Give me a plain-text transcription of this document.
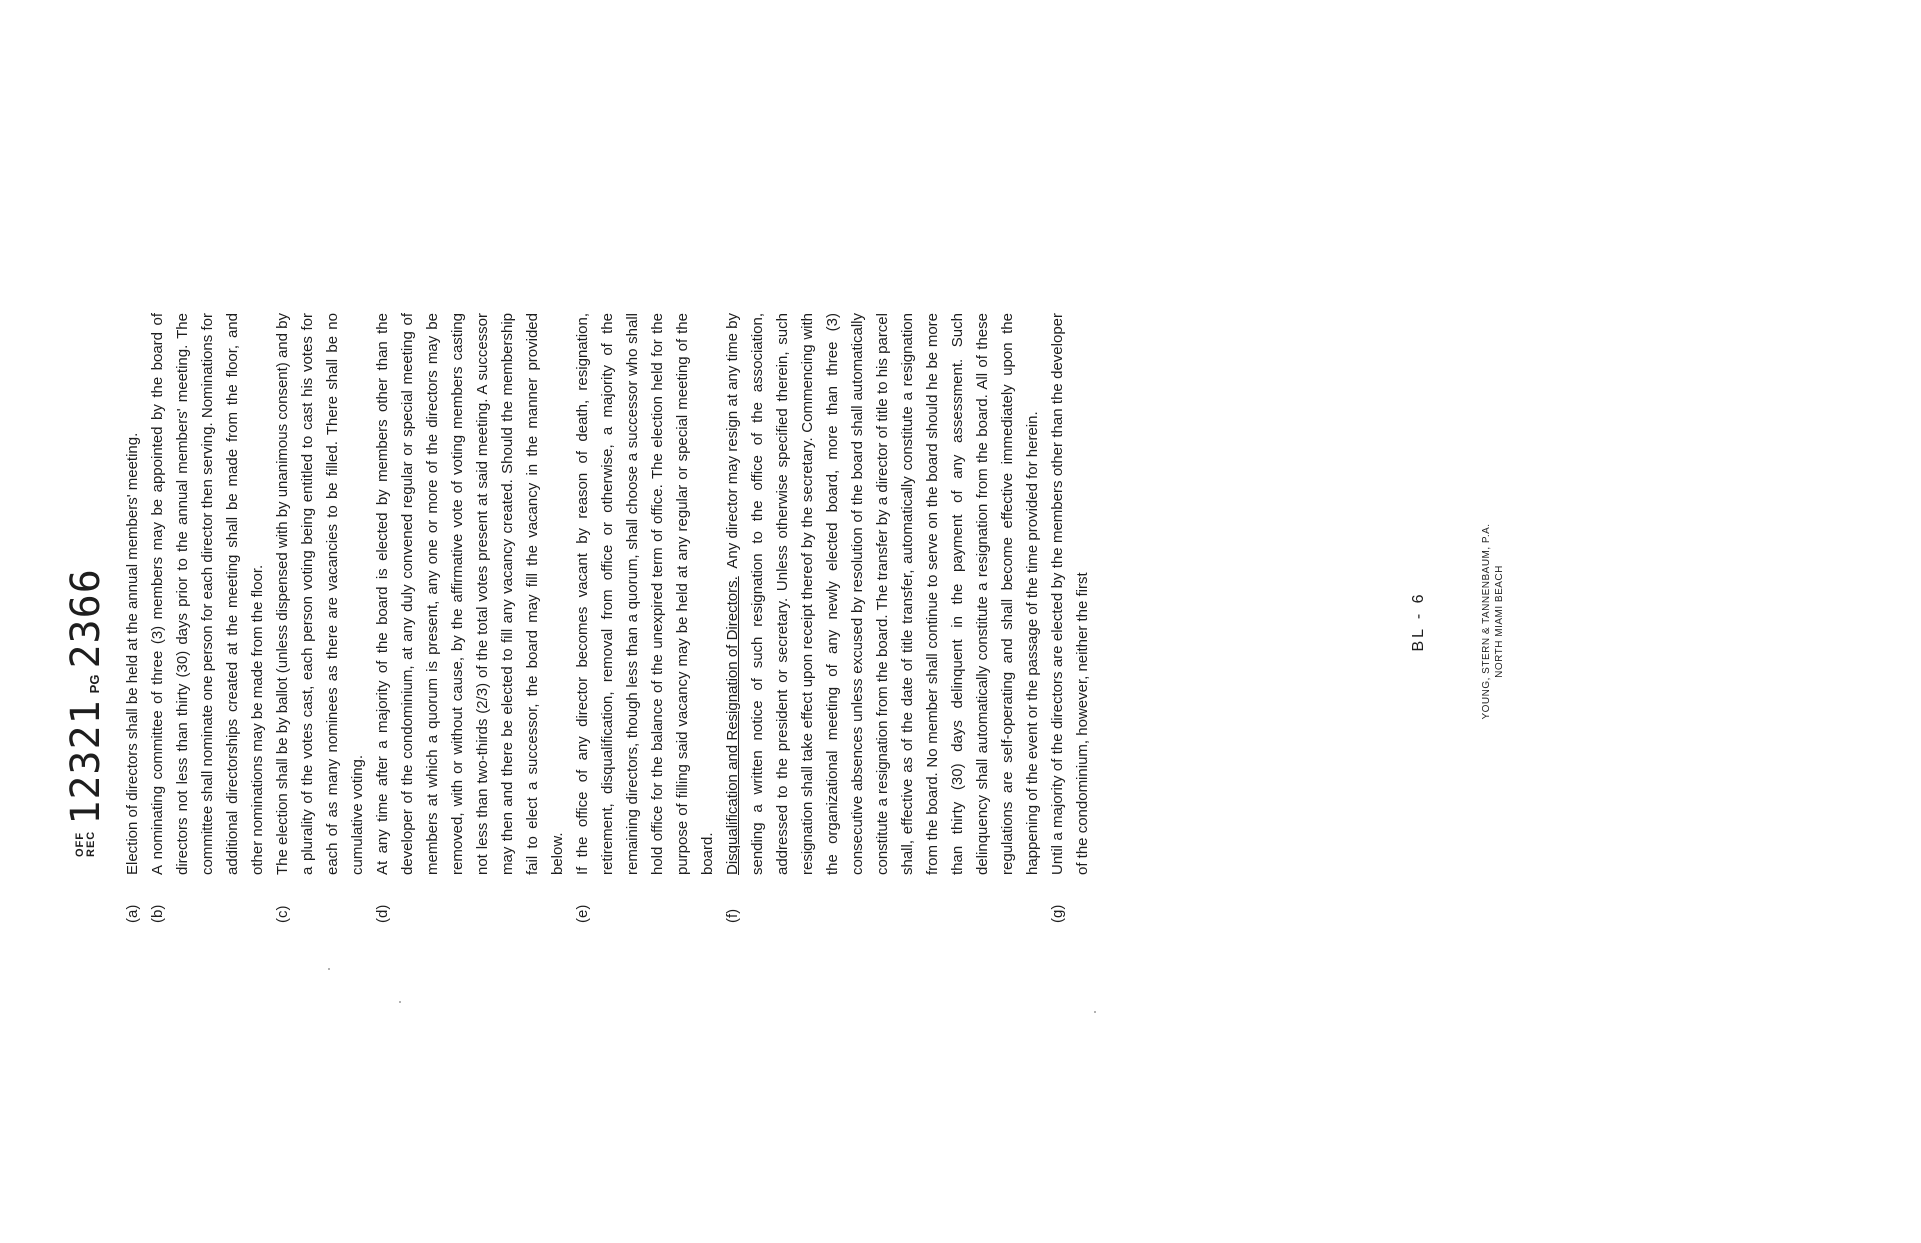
OFF REC
12321
PG
2366
(a)
Election of directors shall be held at the annual members' meeting.
(b)
A nominating committee of three (3) members may be appointed by the board of directors not less than thirty (30) days prior to the annual members' meeting. The committee shall nominate one person for each director then serving. Nominations for additional directorships created at the meeting shall be made from the floor, and other nominations may be made from the floor.
(c)
The election shall be by ballot (unless dispensed with by unanimous consent) and by a plurality of the votes cast, each person voting being entitled to cast his votes for each of as many nominees as there are vacancies to be filled. There shall be no cumulative voting.
(d)
At any time after a majority of the board is elected by members other than the developer of the condominium, at any duly convened regular or special meeting of members at which a quorum is present, any one or more of the directors may be removed, with or without cause, by the affirmative vote of voting members casting not less than two-thirds (2/3) of the total votes present at said meeting. A successor may then and there be elected to fill any vacancy created. Should the membership fail to elect a successor, the board may fill the vacancy in the manner provided below.
(e)
If the office of any director becomes vacant by reason of death, resignation, retirement, disqualification, removal from office or otherwise, a majority of the remaining directors, though less than a quorum, shall choose a successor who shall hold office for the balance of the unexpired term of office. The election held for the purpose of filling said vacancy may be held at any regular or special meeting of the board.
(f)
Disqualification and Resignation of Directors.  Any director may resign at any time by sending a written notice of such resignation to the office of the association, addressed to the president or secretary. Unless otherwise specified therein, such resignation shall take effect upon receipt thereof by the secretary. Commencing with the organizational meeting of any newly elected board, more than three (3) consecutive absences unless excused by resolution of the board shall automatically constitute a resignation from the board. The transfer by a director of title to his parcel shall, effective as of the date of title transfer, automatically constitute a resignation from the board. No member shall continue to serve on the board should he be more than thirty (30) days delinquent in the payment of any assessment. Such delinquency shall automatically constitute a resignation from the board. All of these regulations are self-operating and shall become effective immediately upon the happening of the event or the passage of the time provided for herein.
(g)
Until a majority of the directors are elected by the members other than the developer of the condominium, however, neither the first	BL - 6	YOUNG, STERN & TANNENBAUM, P.A. NORTH MIAMI BEACH
